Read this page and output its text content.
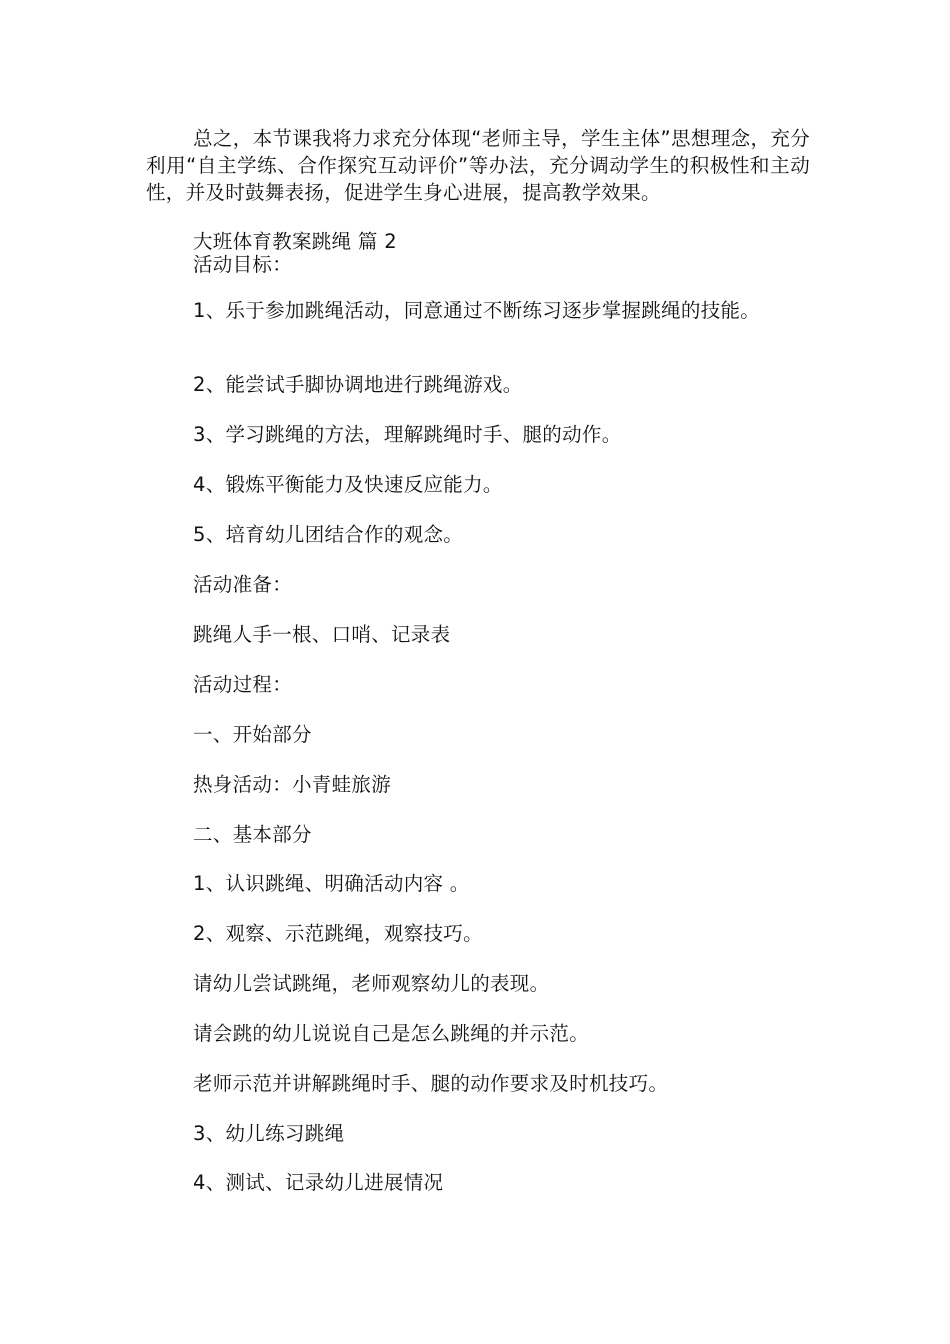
总之，本节课我将力求充分体现“老师主导，学生主体”思想理念，充分利用“自主学练、合作探究互动评价”等办法，充分调动学生的积极性和主动性，并及时鼓舞表扬，促进学生身心进展，提高教学效果。

大班体育教案跳绳 篇 2

活动目标：

1、乐于参加跳绳活动，同意通过不断练习逐步掌握跳绳的技能。

2、能尝试手脚协调地进行跳绳游戏。

3、学习跳绳的方法，理解跳绳时手、腿的动作。

4、锻炼平衡能力及快速反应能力。

5、培育幼儿团结合作的观念。

活动准备：

跳绳人手一根、口哨、记录表

活动过程：

一、开始部分

热身活动：小青蛙旅游

二、基本部分

1、认识跳绳、明确活动内容 。

2、观察、示范跳绳，观察技巧。

请幼儿尝试跳绳，老师观察幼儿的表现。

请会跳的幼儿说说自己是怎么跳绳的并示范。

老师示范并讲解跳绳时手、腿的动作要求及时机技巧。

3、幼儿练习跳绳

4、测试、记录幼儿进展情况
